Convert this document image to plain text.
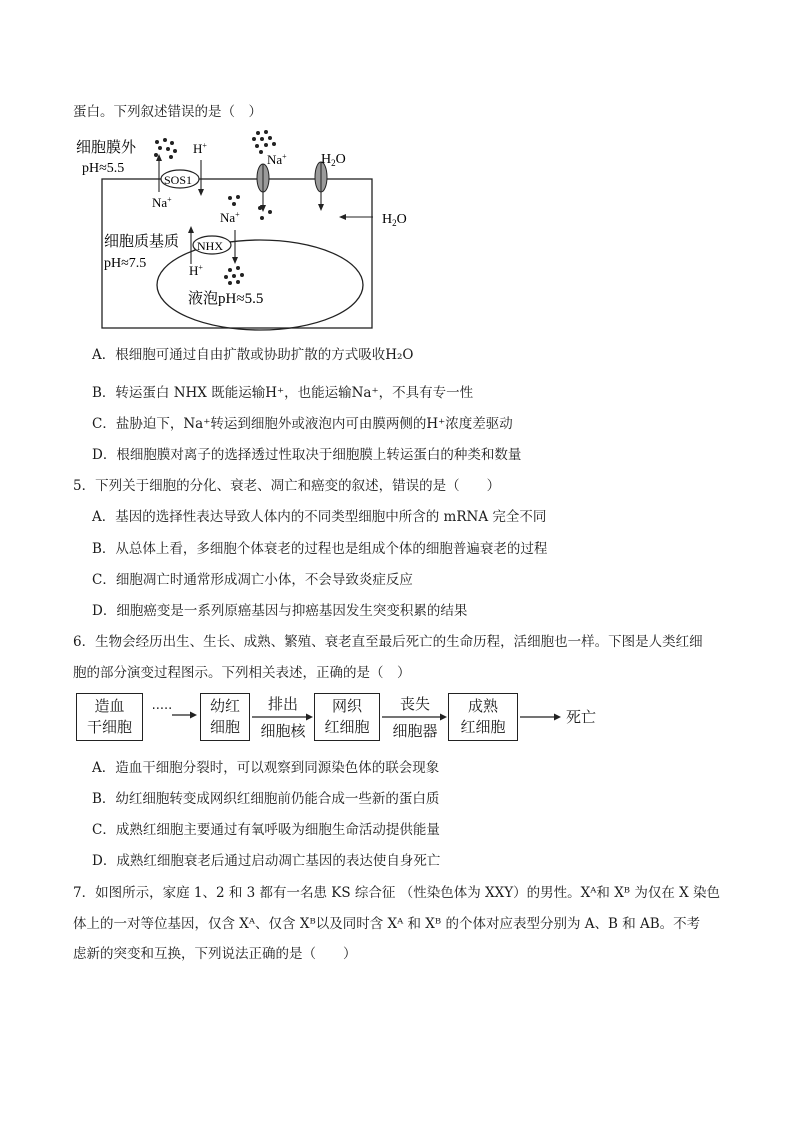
蛋白。下列叙述错误的是（　）
细胞膜外
pH≈5.5
SOS1
H+
Na+
Na+ $H_2O$
$H_2O$
Na+
细胞质基质
pH≈7.5
NHX
H+
液泡pH≈5.5
A．根细胞可通过自由扩散或协助扩散的方式吸收H₂O
B．转运蛋白 NHX 既能运输H⁺，也能运输Na⁺，不具有专一性
C．盐胁迫下，Na⁺转运到细胞外或液泡内可由膜两侧的H⁺浓度差驱动
D．根细胞膜对离子的选择透过性取决于细胞膜上转运蛋白的种类和数量
5．下列关于细胞的分化、衰老、凋亡和癌变的叙述，错误的是（　　）
A．基因的选择性表达导致人体内的不同类型细胞中所含的 mRNA 完全不同
B．从总体上看，多细胞个体衰老的过程也是组成个体的细胞普遍衰老的过程
C．细胞凋亡时通常形成凋亡小体，不会导致炎症反应
D．细胞癌变是一系列原癌基因与抑癌基因发生突变积累的结果
6．生物会经历出生、生长、成熟、繁殖、衰老直至最后死亡的生命历程，活细胞也一样。下图是人类红细
胞的部分演变过程图示。下列相关表述，正确的是（　）
造血
干细胞
·····	幼红
细胞
排出
细胞核
网织
红细胞
丧失
细胞器
成熟
红细胞
死亡
A．造血干细胞分裂时，可以观察到同源染色体的联会现象
B．幼红细胞转变成网织红细胞前仍能合成一些新的蛋白质
C．成熟红细胞主要通过有氧呼吸为细胞生命活动提供能量
D．成熟红细胞衰老后通过启动凋亡基因的表达使自身死亡
7．如图所示，家庭 1、2 和 3 都有一名患 KS 综合征 （性染色体为 XXY）的男性。Xᴬ和 Xᴮ 为仅在 X 染色
体上的一对等位基因，仅含 Xᴬ、仅含 Xᴮ以及同时含 Xᴬ 和 Xᴮ 的个体对应表型分别为 A、B 和 AB。不考
虑新的突变和互换，下列说法正确的是（　　）
